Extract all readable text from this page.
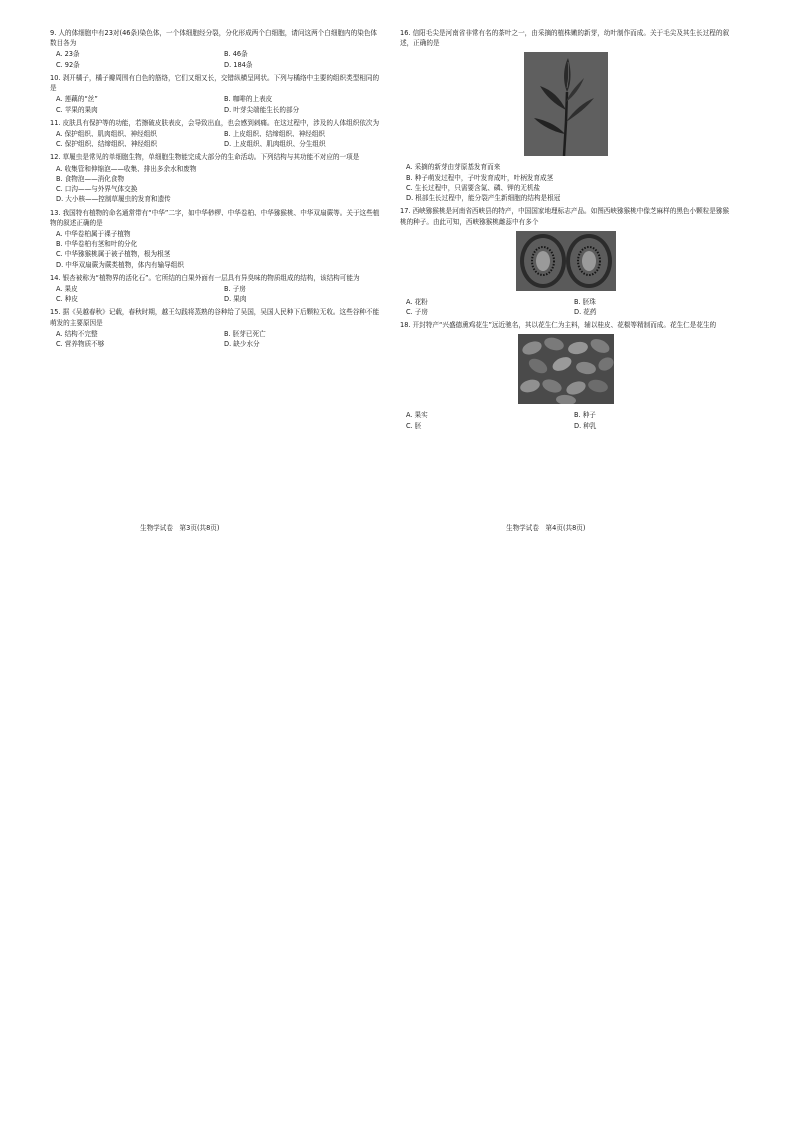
9. 人的体细胞中有23对(46条)染色体，一个体细胞经分裂，分化形成两个白细胞，请问这两个白细胞内的染色体数目各为
A. 23条	B. 46条
C. 92条	D. 184条
10. 剥开橘子，橘子瓣周围有白色的筋络，它们又细又长，交错纵横呈网状。下列与橘络中主要的组织类型相同的是
A. 莲藕的“丝”	B. 咖啡的上表皮
C. 苹果的果肉	D. 叶芽尖端能生长的部分
11. 皮肤具有保护等的功能，若擦破皮肤表皮，会导致出血，也会感到刺痛。在这过程中，涉及的人体组织依次为
A. 保护组织、肌肉组织、神经组织	B. 上皮组织、结缔组织、神经组织
C. 保护组织、结缔组织、神经组织	D. 上皮组织、肌肉组织、分生组织
12. 草履虫是常见的单细胞生物，单细胞生物能完成大部分的生命活动。下列结构与其功能不对应的一项是
A. 收集管和伸缩泡——收集、排出多余水和废物
B. 食物泡——消化食物
C. 口沟——与外界气体交换
D. 大小核——控制草履虫的发育和遗传
13. 我国特有植物的命名通常带有“中华”二字，如中华桫椤、中华卷柏、中华猕猴桃、中华双扇蕨等。关于这些植物的叙述正确的是
A. 中华卷柏属于裸子植物
B. 中华卷柏有茎和叶的分化
C. 中华猕猴桃属于被子植物，根为根茎
D. 中华双扇蕨为蕨类植物，体内有输导组织
14. 银杏被称为“植物界的活化石”。它所结的白果外面有一层具有异臭味的物质组成的结构，该结构可能为
A. 果皮	B. 子房
C. 种皮	D. 果肉
15. 据《吴越春秋》记载，春秋时期，越王勾践将蒸熟的谷种给了吴国，吴国人民种下后颗粒无收。这些谷种不能萌发的主要原因是
A. 结构不完整	B. 胚芽已死亡
C. 营养物质不够	D. 缺少水分
16. 信阳毛尖是河南省非常有名的茶叶之一，由采摘的植株嫩的新芽，幼叶制作而成。关于毛尖及其生长过程的叙述，正确的是
A. 采摘的新芽由芽原基发育而来
B. 种子萌发过程中，子叶发育成叶，叶柄发育成茎
C. 生长过程中，只需要含氮、磷、钾的无机盐
D. 根部生长过程中，能分裂产生新细胞的结构是根冠
17. 西峡猕猴桃是河南省西峡县的特产，中国国家地理标志产品。如图西峡猕猴桃中像芝麻样的黑色小颗粒是猕猴桃的种子。由此可知，西峡猕猴桃雌蕊中有多个
A. 花粉	B. 胚珠
C. 子房	D. 花药
18. 开封特产“兴盛德熏鸡花生”远近驰名，其以花生仁为主料，辅以桂皮、花椒等精制而成。花生仁是花生的
A. 果实	B. 种子
C. 胚	D. 种乳
生物学试卷　第3页(共8页)	生物学试卷　第4页(共8页)
